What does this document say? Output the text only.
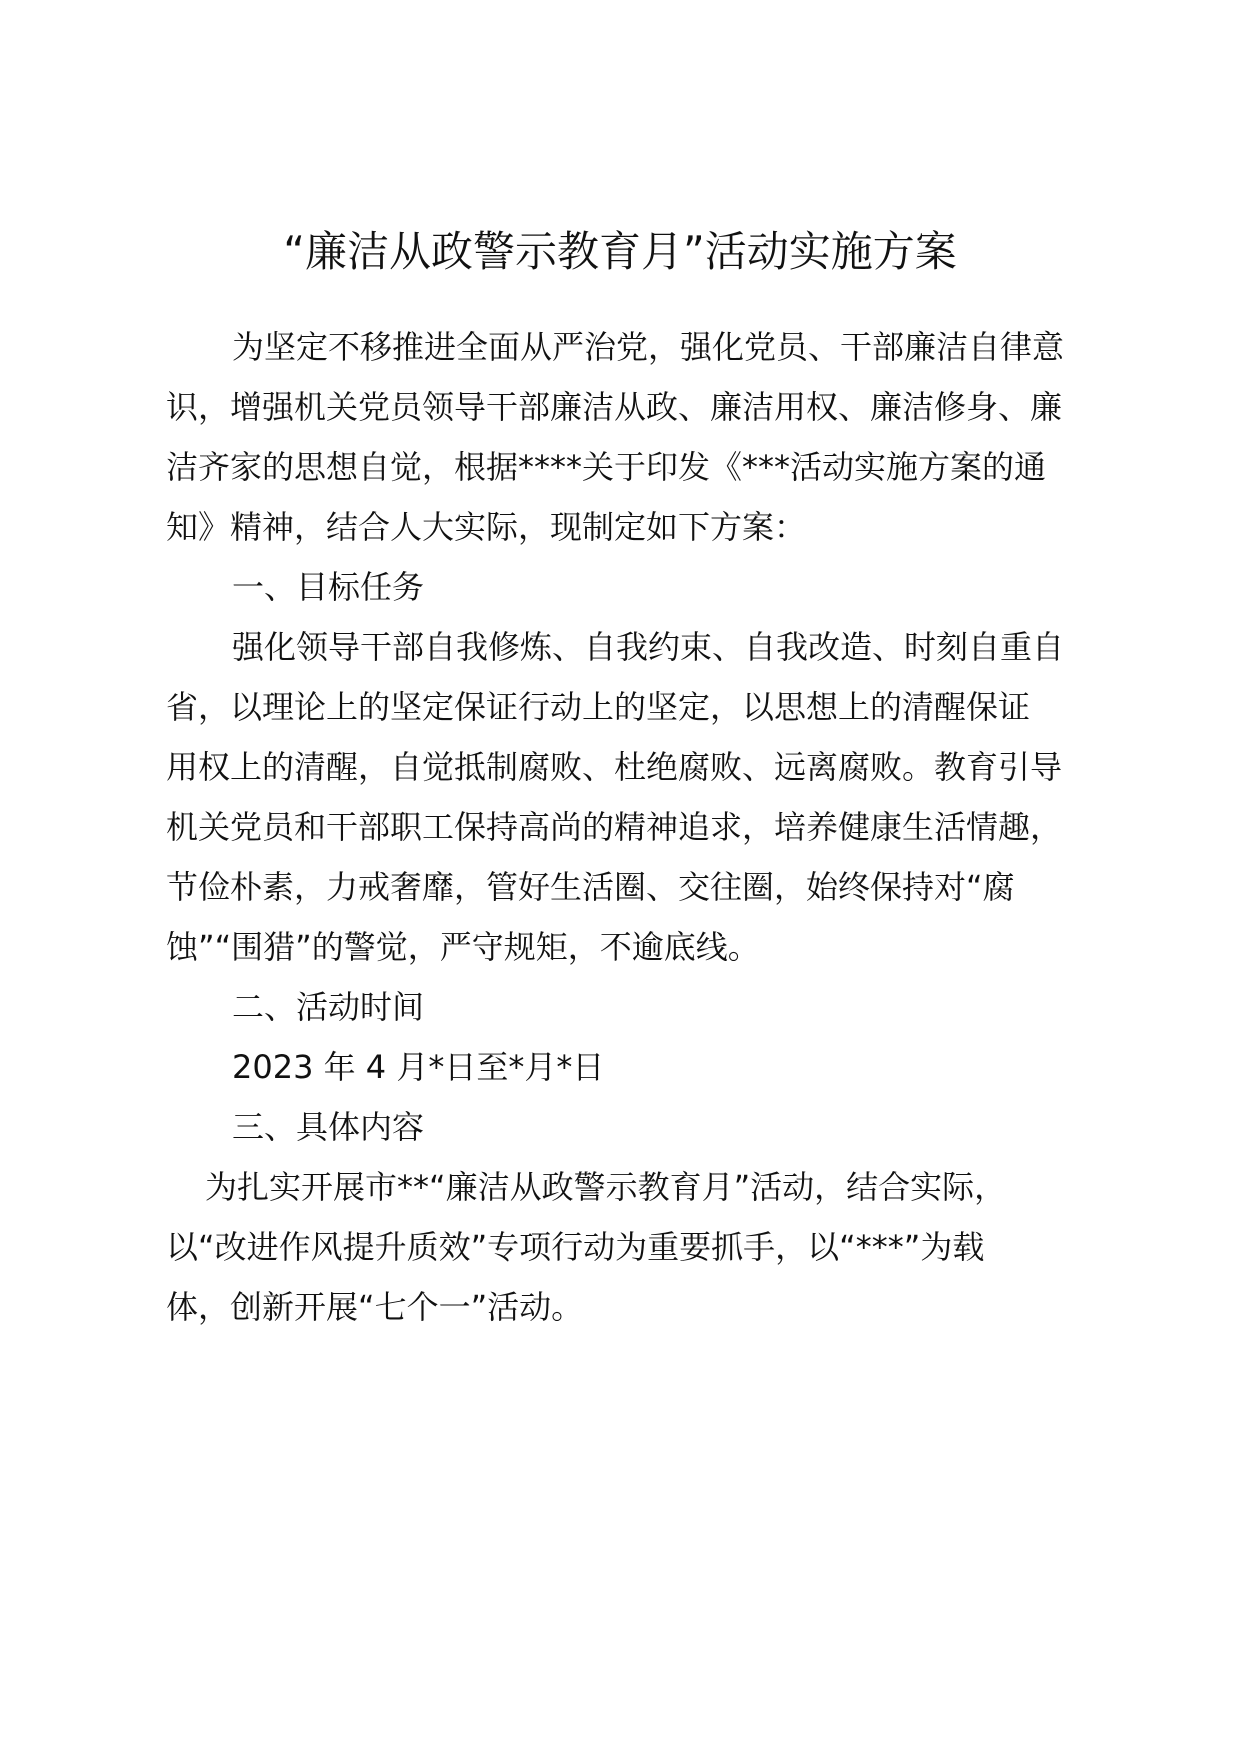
“廉洁从政警示教育月”活动实施方案
为坚定不移推进全面从严治党，强化党员、干部廉洁自律意
识，增强机关党员领导干部廉洁从政、廉洁用权、廉洁修身、廉
洁齐家的思想自觉，根据****关于印发《***活动实施方案的通
知》精神，结合人大实际，现制定如下方案：
一、目标任务
强化领导干部自我修炼、自我约束、自我改造、时刻自重自
省，以理论上的坚定保证行动上的坚定，以思想上的清醒保证
用权上的清醒，自觉抵制腐败、杜绝腐败、远离腐败。教育引导
机关党员和干部职工保持高尚的精神追求，培养健康生活情趣，
节俭朴素，力戒奢靡，管好生活圈、交往圈，始终保持对“腐
蚀”“围猎”的警觉，严守规矩，不逾底线。
二、活动时间
2023 年 4 月*日至*月*日
三、具体内容
为扎实开展市**“廉洁从政警示教育月”活动，结合实际，
以“改进作风提升质效”专项行动为重要抓手，以“***”为载
体，创新开展“七个一”活动。
